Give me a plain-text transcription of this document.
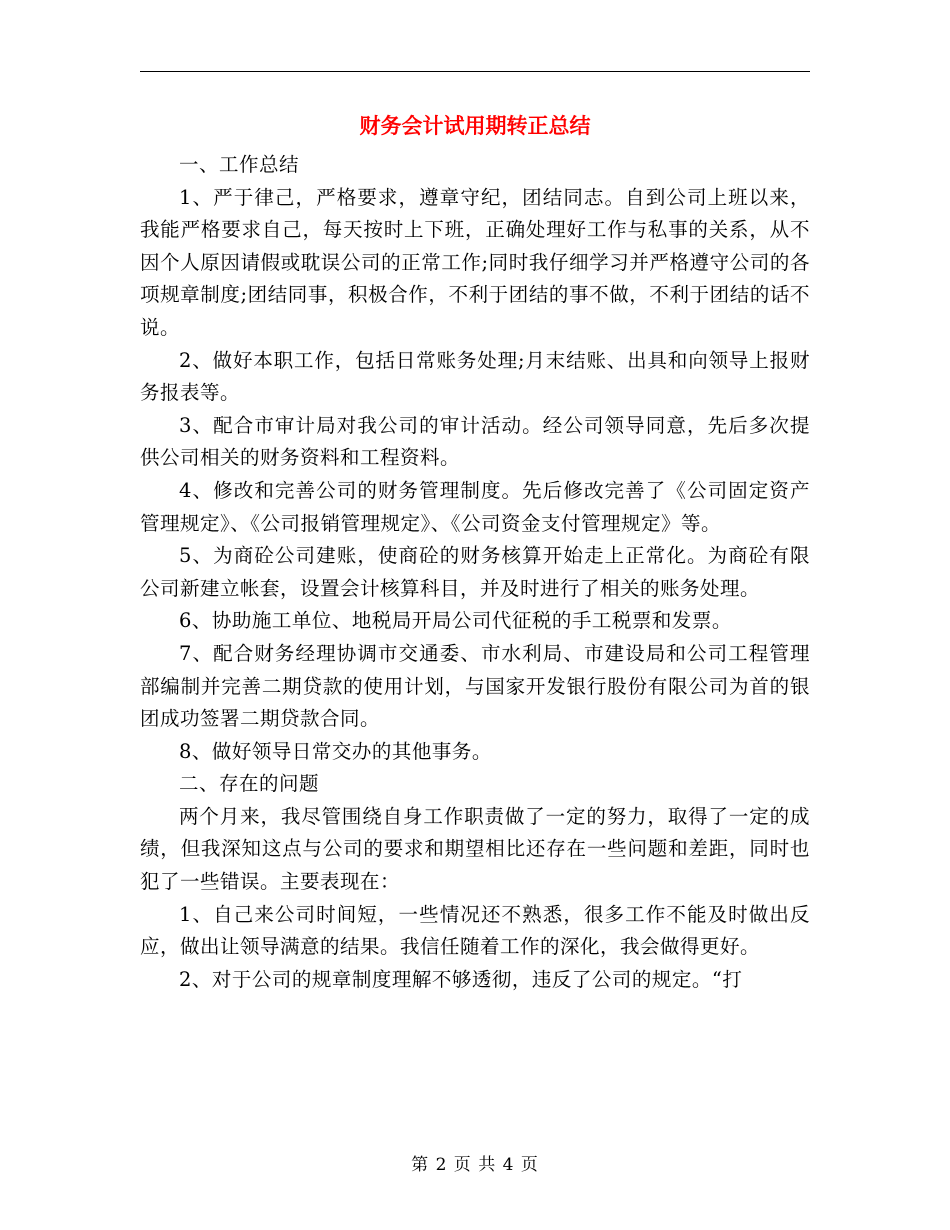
财务会计试用期转正总结

一、工作总结

1、严于律己，严格要求，遵章守纪，团结同志。自到公司上班以来，我能严格要求自己，每天按时上下班，正确处理好工作与私事的关系，从不因个人原因请假或耽误公司的正常工作;同时我仔细学习并严格遵守公司的各项规章制度;团结同事，积极合作，不利于团结的事不做，不利于团结的话不说。

2、做好本职工作，包括日常账务处理;月末结账、出具和向领导上报财务报表等。

3、配合市审计局对我公司的审计活动。经公司领导同意，先后多次提供公司相关的财务资料和工程资料。

4、修改和完善公司的财务管理制度。先后修改完善了《公司固定资产管理规定》、《公司报销管理规定》、《公司资金支付管理规定》等。

5、为商砼公司建账，使商砼的财务核算开始走上正常化。为商砼有限公司新建立帐套，设置会计核算科目，并及时进行了相关的账务处理。

6、协助施工单位、地税局开局公司代征税的手工税票和发票。

7、配合财务经理协调市交通委、市水利局、市建设局和公司工程管理部编制并完善二期贷款的使用计划，与国家开发银行股份有限公司为首的银团成功签署二期贷款合同。

8、做好领导日常交办的其他事务。

二、存在的问题

两个月来，我尽管围绕自身工作职责做了一定的努力，取得了一定的成绩，但我深知这点与公司的要求和期望相比还存在一些问题和差距，同时也犯了一些错误。主要表现在：

1、自己来公司时间短，一些情况还不熟悉，很多工作不能及时做出反应，做出让领导满意的结果。我信任随着工作的深化，我会做得更好。

2、对于公司的规章制度理解不够透彻，违反了公司的规定。“打

第 2 页 共 4 页
